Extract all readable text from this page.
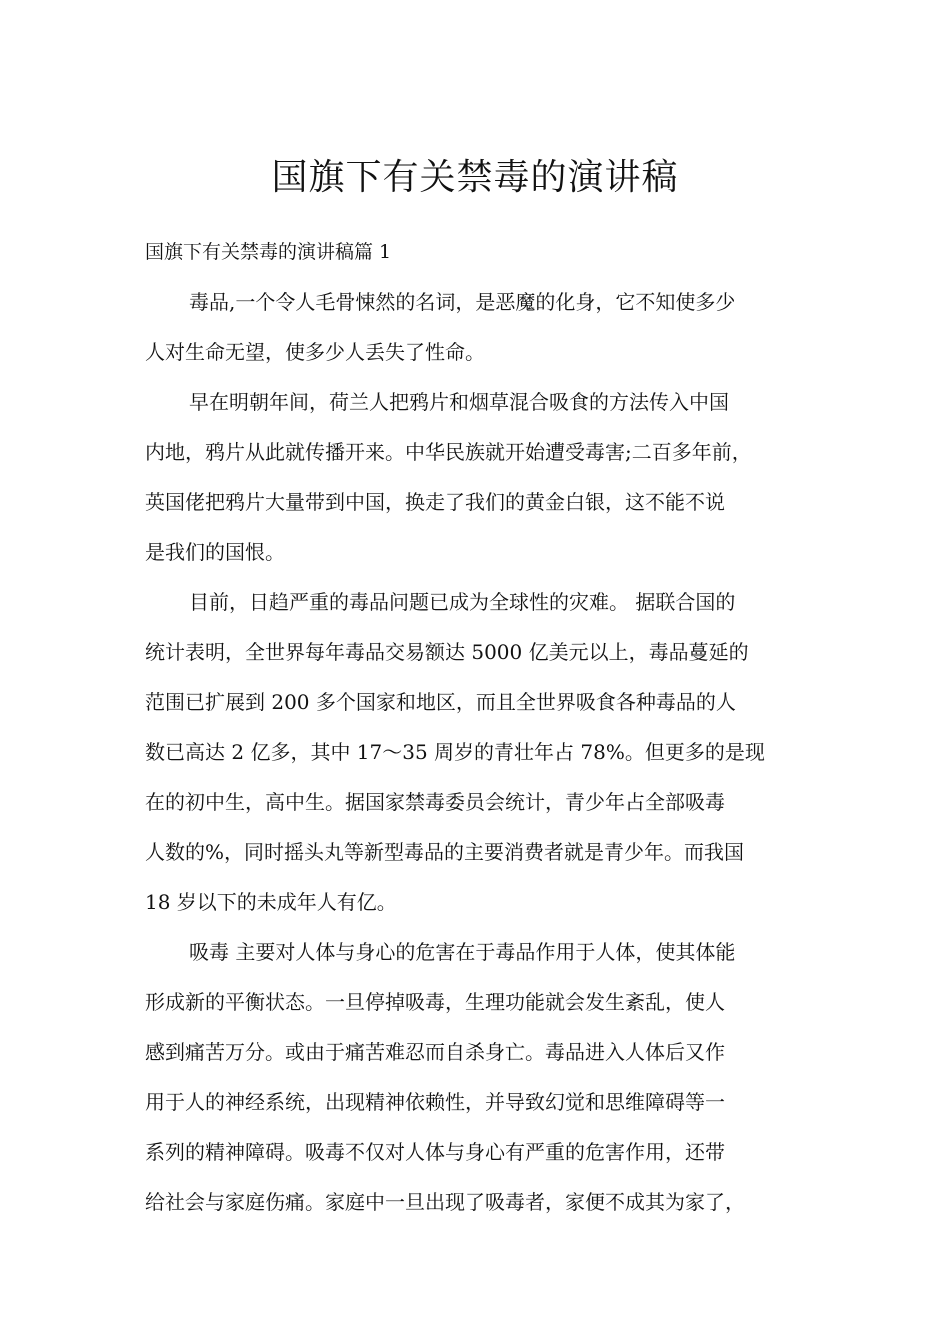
国旗下有关禁毒的演讲稿
国旗下有关禁毒的演讲稿篇 1
毒品,一个令人毛骨悚然的名词，是恶魔的化身，它不知使多少
人对生命无望，使多少人丢失了性命。
早在明朝年间，荷兰人把鸦片和烟草混合吸食的方法传入中国
内地，鸦片从此就传播开来。中华民族就开始遭受毒害;二百多年前，
英国佬把鸦片大量带到中国，换走了我们的黄金白银，这不能不说
是我们的国恨。
目前，日趋严重的毒品问题已成为全球性的灾难。 据联合国的
统计表明，全世界每年毒品交易额达 5000 亿美元以上，毒品蔓延的
范围已扩展到 200 多个国家和地区，而且全世界吸食各种毒品的人
数已高达 2 亿多，其中 17～35 周岁的青壮年占 78%。但更多的是现
在的初中生，高中生。据国家禁毒委员会统计，青少年占全部吸毒
人数的%，同时摇头丸等新型毒品的主要消费者就是青少年。而我国
18 岁以下的未成年人有亿。
吸毒 主要对人体与身心的危害在于毒品作用于人体，使其体能
形成新的平衡状态。一旦停掉吸毒，生理功能就会发生紊乱，使人
感到痛苦万分。或由于痛苦难忍而自杀身亡。毒品进入人体后又作
用于人的神经系统，出现精神依赖性，并导致幻觉和思维障碍等一
系列的精神障碍。吸毒不仅对人体与身心有严重的危害作用，还带
给社会与家庭伤痛。家庭中一旦出现了吸毒者，家便不成其为家了，
